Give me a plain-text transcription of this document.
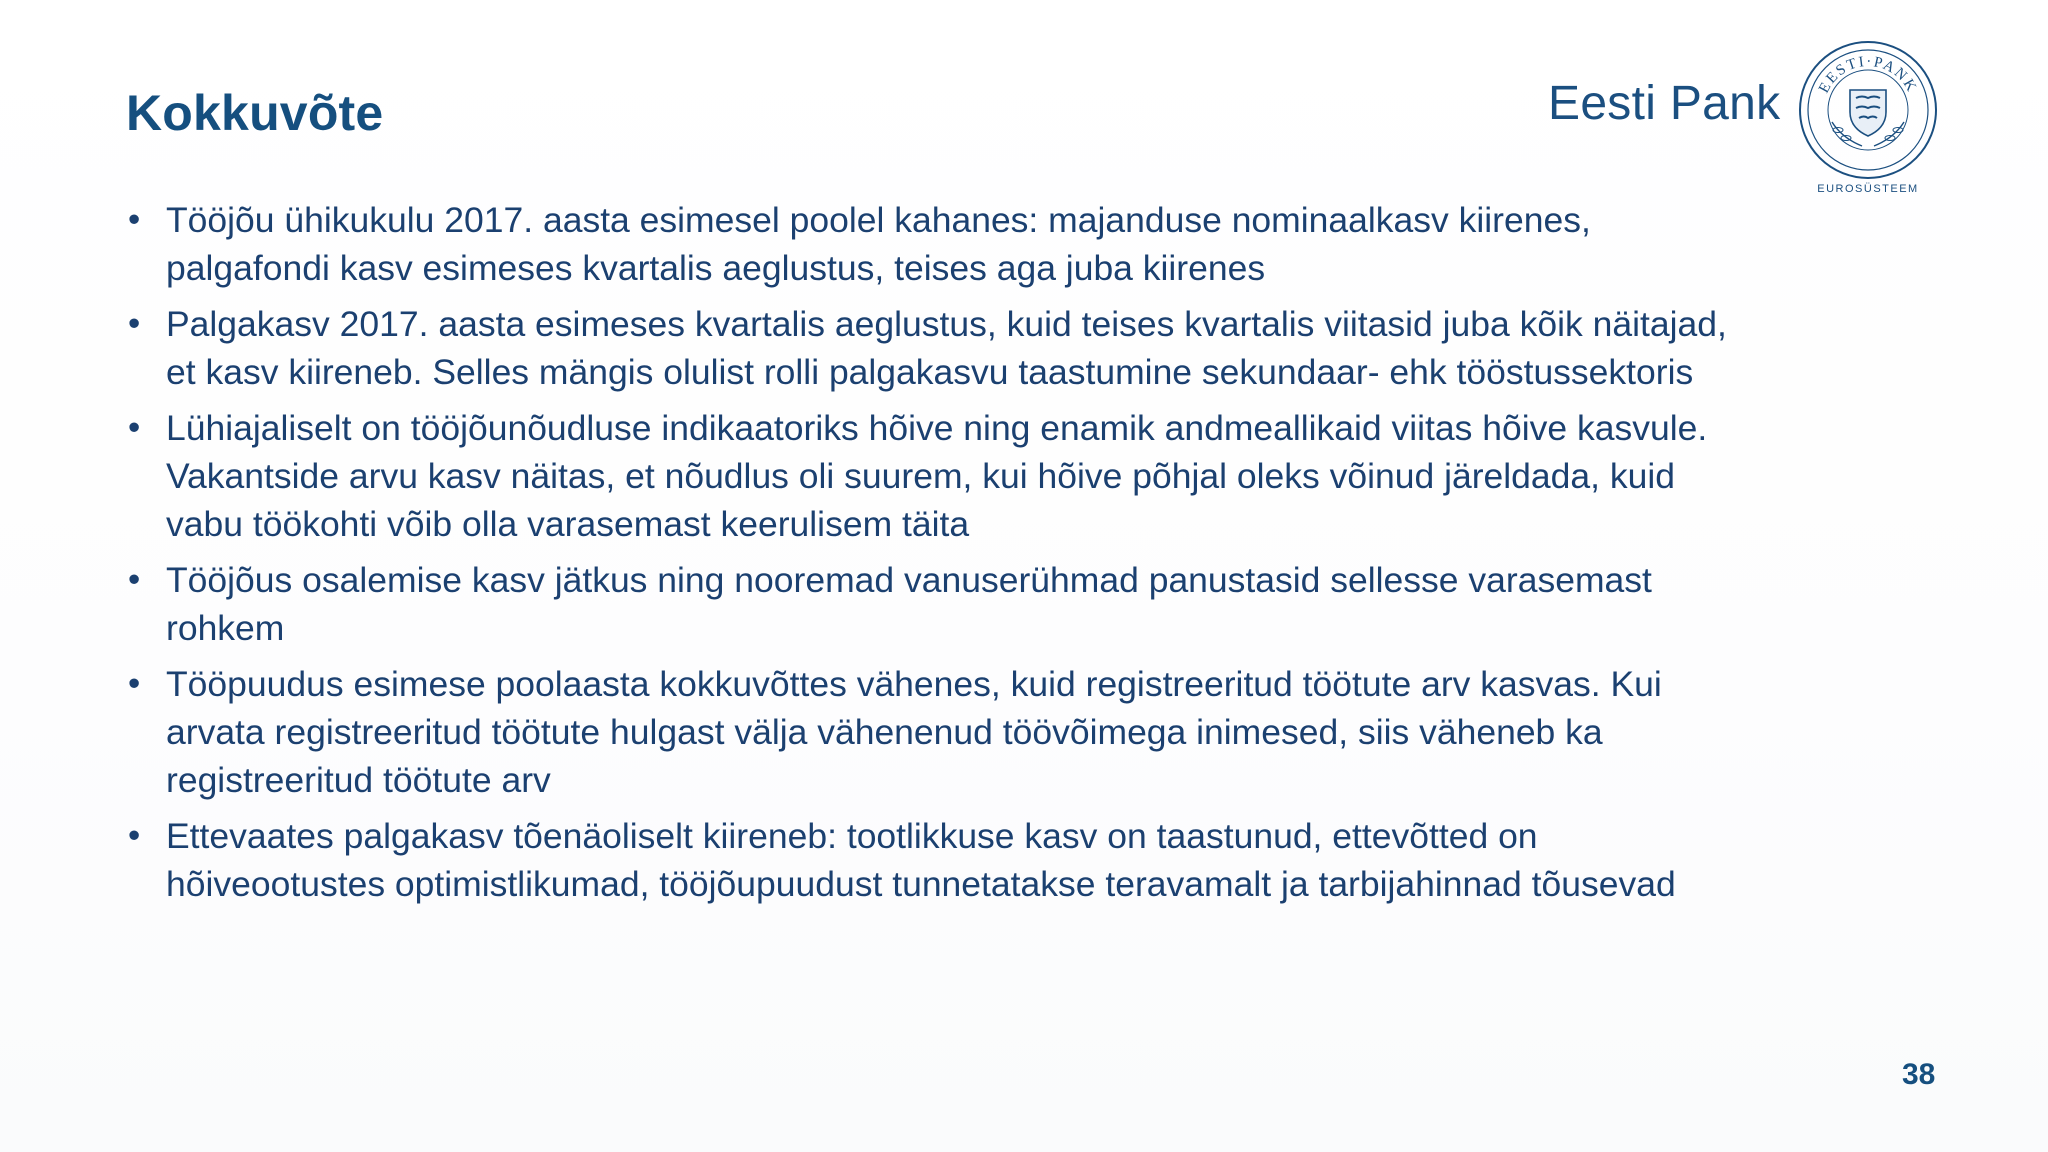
Kokkuvõte	Eesti Pank EESTI·PANK
EUROSÜSTEEM
• Tööjõu ühikukulu 2017. aasta esimesel poolel kahanes: majanduse nominaalkasv kiirenes, palgafondi kasv esimeses kvartalis aeglustus, teises aga juba kiirenes
• Palgakasv 2017. aasta esimeses kvartalis aeglustus, kuid teises kvartalis viitasid juba kõik näitajad, et kasv kiireneb. Selles mängis olulist rolli palgakasvu taastumine sekundaar- ehk tööstussektoris
• Lühiajaliselt on tööjõunõudluse indikaatoriks hõive ning enamik andmeallikaid viitas hõive kasvule. Vakantside arvu kasv näitas, et nõudlus oli suurem, kui hõive põhjal oleks võinud järeldada, kuid vabu töökohti võib olla varasemast keerulisem täita
• Tööjõus osalemise kasv jätkus ning nooremad vanuserühmad panustasid sellesse varasemast rohkem
• Tööpuudus esimese poolaasta kokkuvõttes vähenes, kuid registreeritud töötute arv kasvas. Kui arvata registreeritud töötute hulgast välja vähenenud töövõimega inimesed, siis väheneb ka registreeritud töötute arv
• Ettevaates palgakasv tõenäoliselt kiireneb: tootlikkuse kasv on taastunud, ettevõtted on hõiveootustes optimistlikumad, tööjõupuudust tunnetatakse teravamalt ja tarbijahinnad tõusevad
38
